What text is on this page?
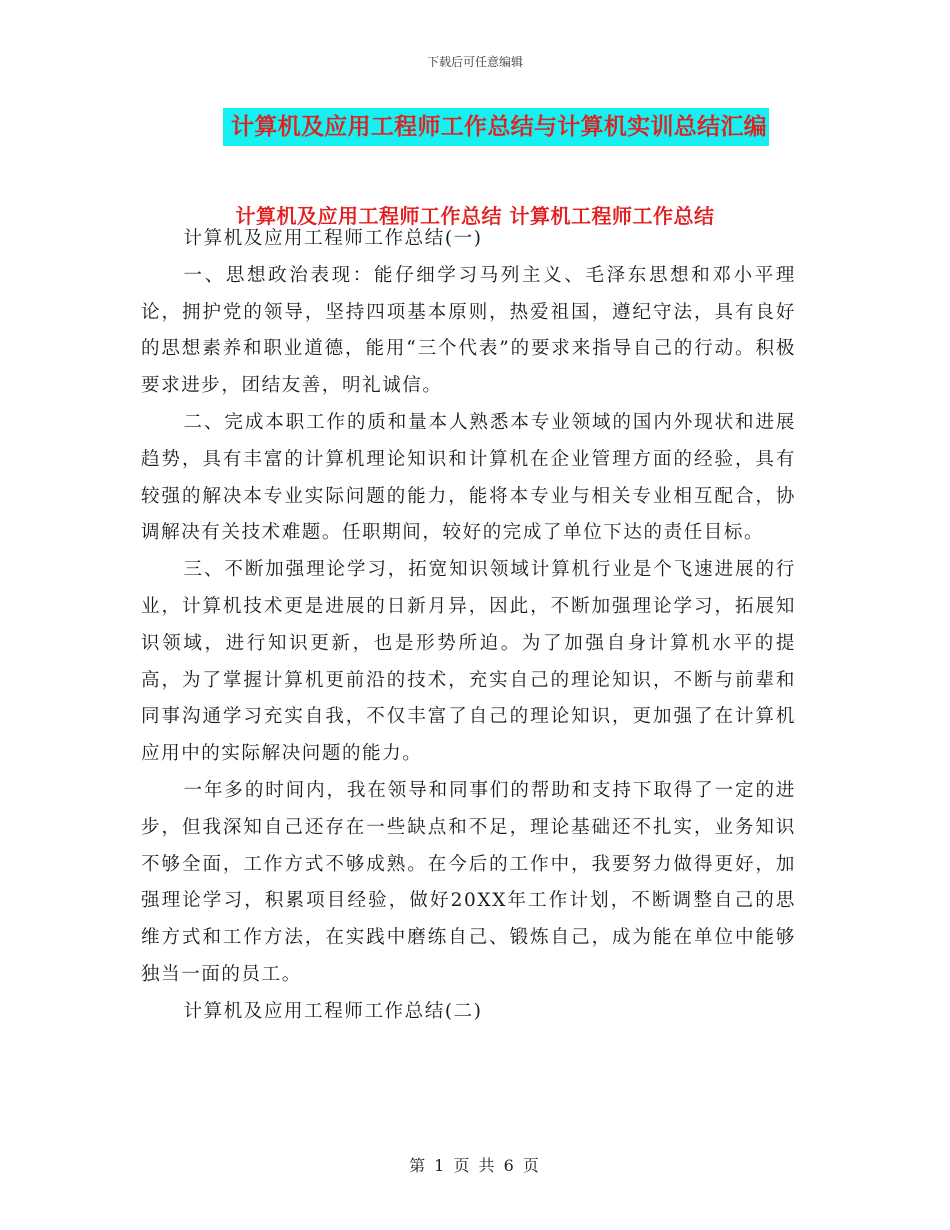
下载后可任意编辑
计算机及应用工程师工作总结与计算机实训总结汇编
计算机及应用工程师工作总结 计算机工程师工作总结

计算机及应用工程师工作总结(一)

一、思想政治表现：能仔细学习马列主义、毛泽东思想和邓小平理论，拥护党的领导，坚持四项基本原则，热爱祖国，遵纪守法，具有良好的思想素养和职业道德，能用“三个代表”的要求来指导自己的行动。积极要求进步，团结友善，明礼诚信。

二、完成本职工作的质和量本人熟悉本专业领域的国内外现状和进展趋势，具有丰富的计算机理论知识和计算机在企业管理方面的经验，具有较强的解决本专业实际问题的能力，能将本专业与相关专业相互配合，协调解决有关技术难题。任职期间，较好的完成了单位下达的责任目标。

三、不断加强理论学习，拓宽知识领域计算机行业是个飞速进展的行业，计算机技术更是进展的日新月异，因此，不断加强理论学习，拓展知识领域，进行知识更新，也是形势所迫。为了加强自身计算机水平的提高，为了掌握计算机更前沿的技术，充实自己的理论知识，不断与前辈和同事沟通学习充实自我，不仅丰富了自己的理论知识，更加强了在计算机应用中的实际解决问题的能力。

一年多的时间内，我在领导和同事们的帮助和支持下取得了一定的进步，但我深知自己还存在一些缺点和不足，理论基础还不扎实，业务知识不够全面，工作方式不够成熟。在今后的工作中，我要努力做得更好，加强理论学习，积累项目经验，做好20XX年工作计划，不断调整自己的思维方式和工作方法，在实践中磨练自己、锻炼自己，成为能在单位中能够独当一面的员工。

计算机及应用工程师工作总结(二)

第 1 页 共 6 页
